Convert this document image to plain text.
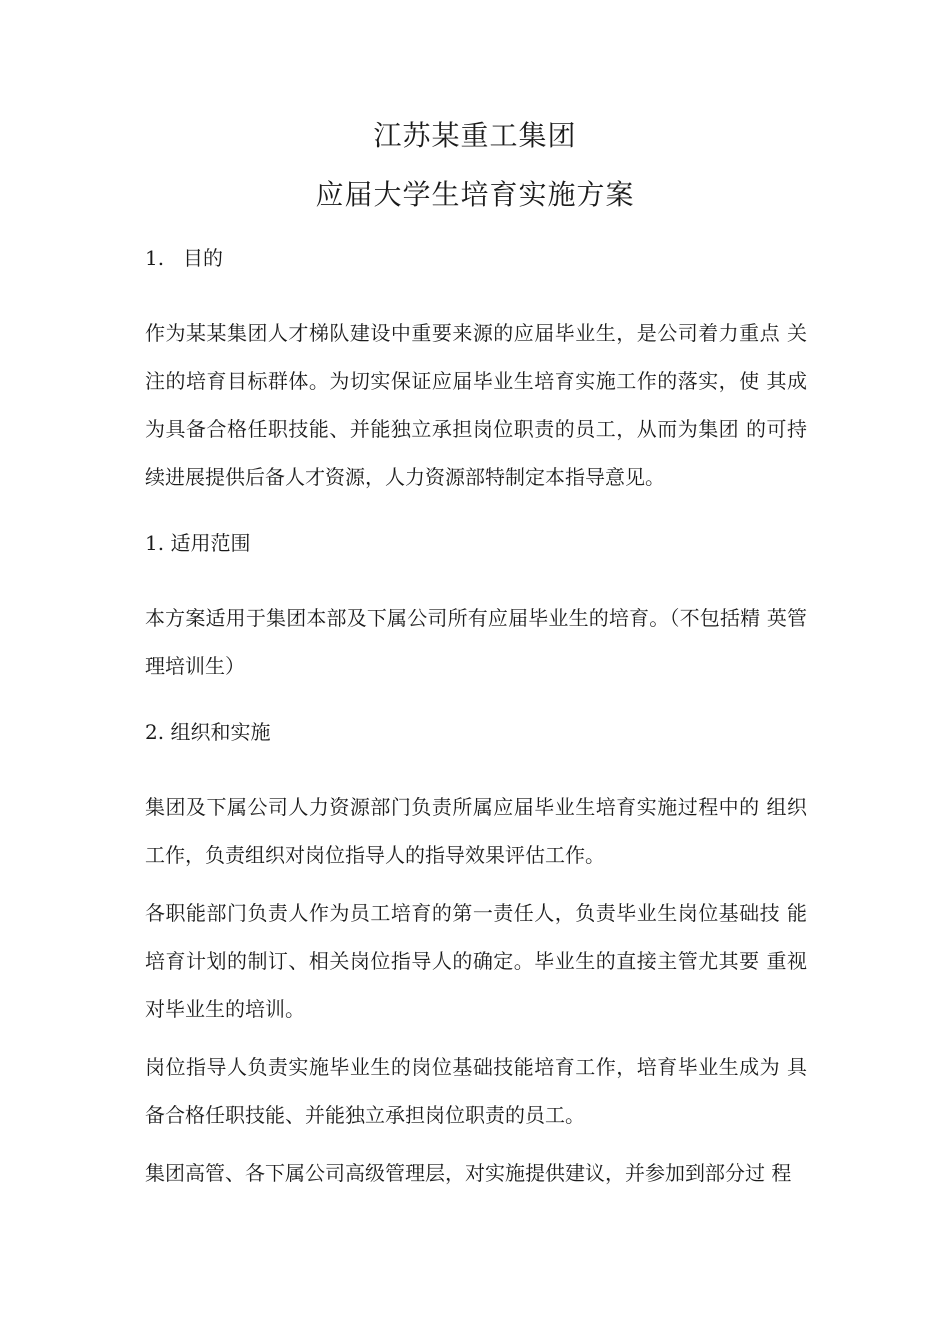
江苏某重工集团
应届大学生培育实施方案
1. 目的

作为某某集团人才梯队建设中重要来源的应届毕业生，是公司着力重点 关注的培育目标群体。为切实保证应届毕业生培育实施工作的落实，使 其成为具备合格任职技能、并能独立承担岗位职责的员工，从而为集团 的可持续进展提供后备人才资源，人力资源部特制定本指导意见。

1. 适用范围

本方案适用于集团本部及下属公司所有应届毕业生的培育。（不包括精 英管理培训生）

2. 组织和实施

集团及下属公司人力资源部门负责所属应届毕业生培育实施过程中的 组织工作，负责组织对岗位指导人的指导效果评估工作。

各职能部门负责人作为员工培育的第一责任人，负责毕业生岗位基础技 能培育计划的制订、相关岗位指导人的确定。毕业生的直接主管尤其要 重视对毕业生的培训。

岗位指导人负责实施毕业生的岗位基础技能培育工作，培育毕业生成为 具备合格任职技能、并能独立承担岗位职责的员工。

集团高管、各下属公司高级管理层，对实施提供建议，并参加到部分过 程
